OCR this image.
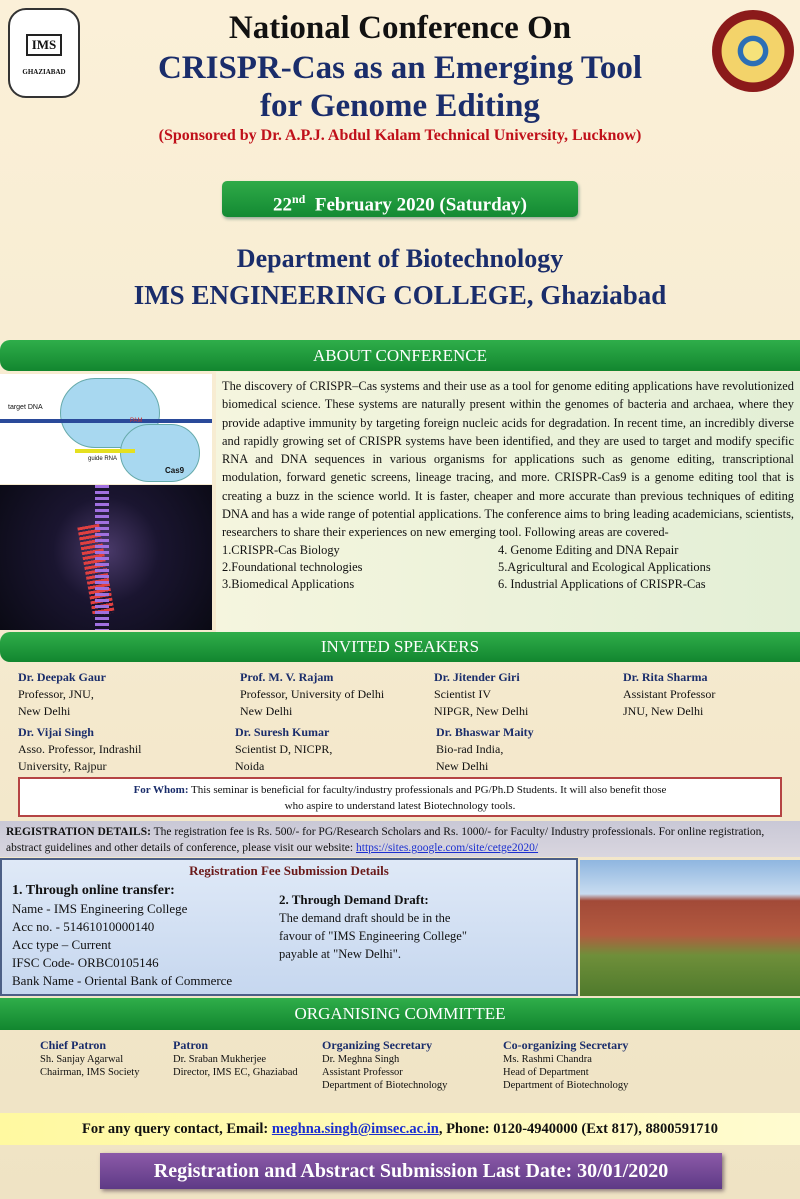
IMS
GHAZIABAD
National Conference On
CRISPR-Cas as an Emerging Tool
for Genome Editing
(Sponsored by Dr. A.P.J. Abdul Kalam Technical University, Lucknow)
22nd February 2020 (Saturday)
Department of Biotechnology
IMS ENGINEERING COLLEGE, Ghaziabad
ABOUT CONFERENCE
target DNA
PAM
guide RNA
Cas9

The discovery of CRISPR–Cas systems and their use as a tool for genome editing applications have revolutionized biomedical science. These systems are naturally present within the genomes of bacteria and archaea, where they provide adaptive immunity by targeting foreign nucleic acids for degradation. In recent time, an incredibly diverse and rapidly growing set of CRISPR systems have been identified, and they are used to target and modify specific RNA and DNA sequences in various organisms for applications such as genome editing, transcriptional modulation, forward genetic screens, lineage tracing, and more. CRISPR-Cas9 is a genome editing tool that is creating a buzz in the science world. It is faster, cheaper and more accurate than previous techniques of editing DNA and has a wide range of potential applications. The conference aims to bring leading academicians, scientists, researchers to share their experiences on new emerging tool. Following areas are covered-

1.CRISPR-Cas Biology	4. Genome Editing and DNA Repair
2.Foundational technologies	5.Agricultural and Ecological Applications
3.Biomedical Applications	6. Industrial Applications of CRISPR-Cas
INVITED SPEAKERS
Dr. Deepak Gaur
Professor, JNU,
New Delhi
Prof. M. V. Rajam
Professor, University of Delhi
New Delhi
Dr. Jitender Giri
Scientist IV
NIPGR, New Delhi
Dr. Rita Sharma
Assistant Professor
JNU, New Delhi
Dr. Vijai Singh
Asso. Professor, Indrashil
University, Rajpur
Dr. Suresh Kumar
Scientist D, NICPR,
Noida
Dr. Bhaswar Maity
Bio-rad India,
New Delhi
For Whom: This seminar is beneficial for faculty/industry professionals and PG/Ph.D Students. It will also benefit those
who aspire to understand latest Biotechnology tools.
REGISTRATION DETAILS: The registration fee is Rs. 500/- for PG/Research Scholars and Rs. 1000/- for Faculty/ Industry professionals. For online registration, abstract guidelines and other details of conference, please visit our website: https://sites.google.com/site/cetge2020/
Registration Fee Submission Details
1. Through online transfer:
Name - IMS Engineering College
Acc no. - 51461010000140
Acc type – Current
IFSC Code- ORBC0105146
Bank Name - Oriental Bank of Commerce
2. Through Demand Draft:
The demand draft should be in the
favour of "IMS Engineering College"
payable at "New Delhi".
ORGANISING COMMITTEE
Chief Patron
Sh. Sanjay Agarwal
Chairman, IMS Society
Patron
Dr. Sraban Mukherjee
Director, IMS EC, Ghaziabad
Organizing Secretary
Dr. Meghna Singh
Assistant Professor
Department of Biotechnology
Co-organizing Secretary
Ms. Rashmi Chandra
Head of Department
Department of Biotechnology
For any query contact, Email: meghna.singh@imsec.ac.in, Phone: 0120-4940000 (Ext 817), 8800591710
Registration and Abstract Submission Last Date: 30/01/2020
